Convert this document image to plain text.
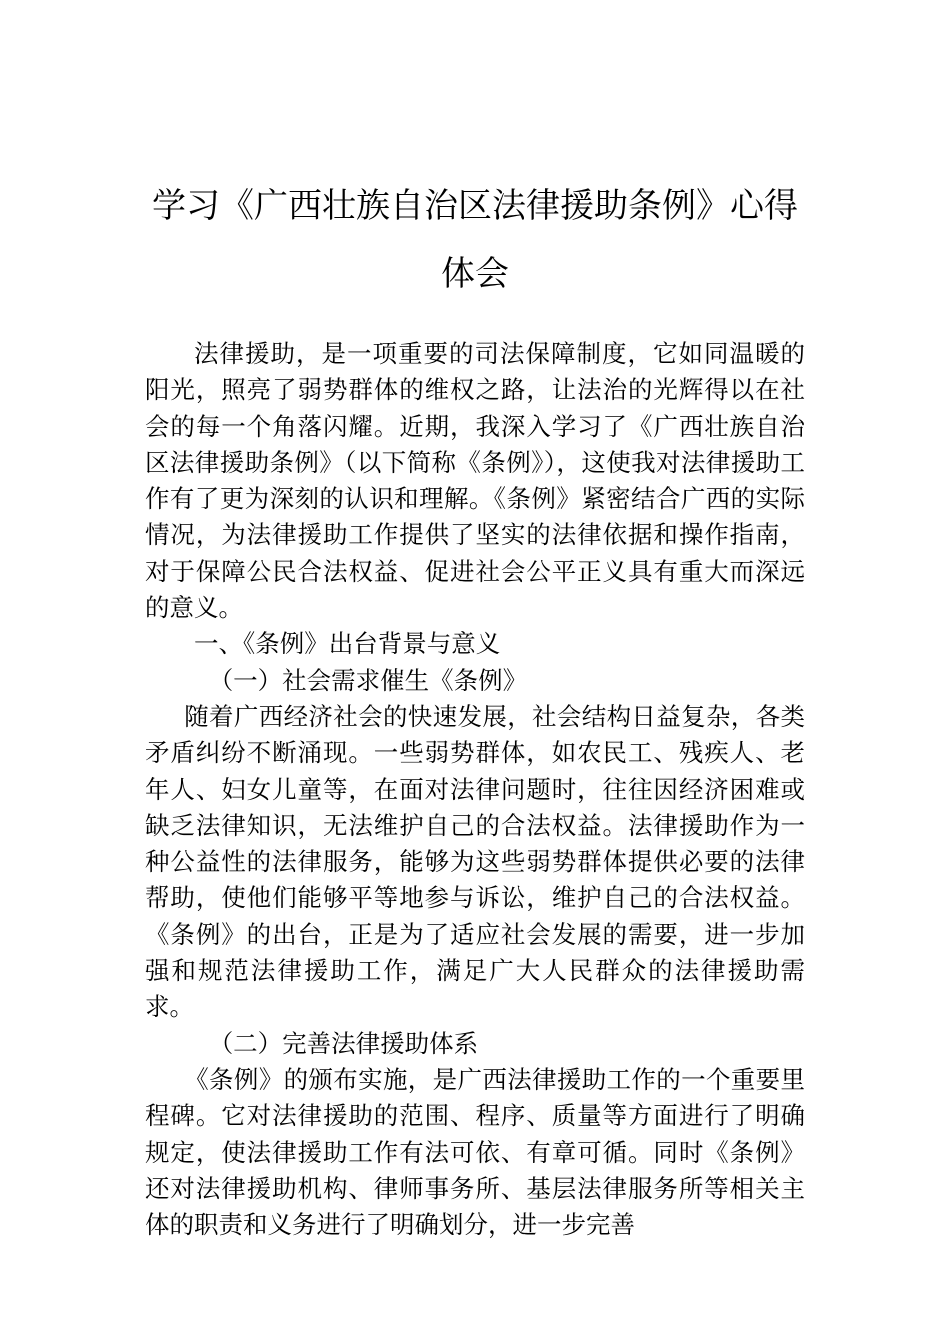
学习《广西壮族自治区法律援助条例》心得体会

法律援助，是一项重要的司法保障制度，它如同温暖的阳光，照亮了弱势群体的维权之路，让法治的光辉得以在社会的每一个角落闪耀。近期，我深入学习了《广西壮族自治区法律援助条例》（以下简称《条例》），这使我对法律援助工作有了更为深刻的认识和理解。《条例》紧密结合广西的实际情况，为法律援助工作提供了坚实的法律依据和操作指南，对于保障公民合法权益、促进社会公平正义具有重大而深远的意义。

一、《条例》出台背景与意义

（一）社会需求催生《条例》

随着广西经济社会的快速发展，社会结构日益复杂，各类矛盾纠纷不断涌现。一些弱势群体，如农民工、残疾人、老年人、妇女儿童等，在面对法律问题时，往往因经济困难或缺乏法律知识，无法维护自己的合法权益。法律援助作为一种公益性的法律服务，能够为这些弱势群体提供必要的法律帮助，使他们能够平等地参与诉讼，维护自己的合法权益。《条例》的出台，正是为了适应社会发展的需要，进一步加强和规范法律援助工作，满足广大人民群众的法律援助需求。

（二）完善法律援助体系

《条例》的颁布实施，是广西法律援助工作的一个重要里程碑。它对法律援助的范围、程序、质量等方面进行了明确规定，使法律援助工作有法可依、有章可循。同时《条例》还对法律援助机构、律师事务所、基层法律服务所等相关主体的职责和义务进行了明确划分，进一步完善
